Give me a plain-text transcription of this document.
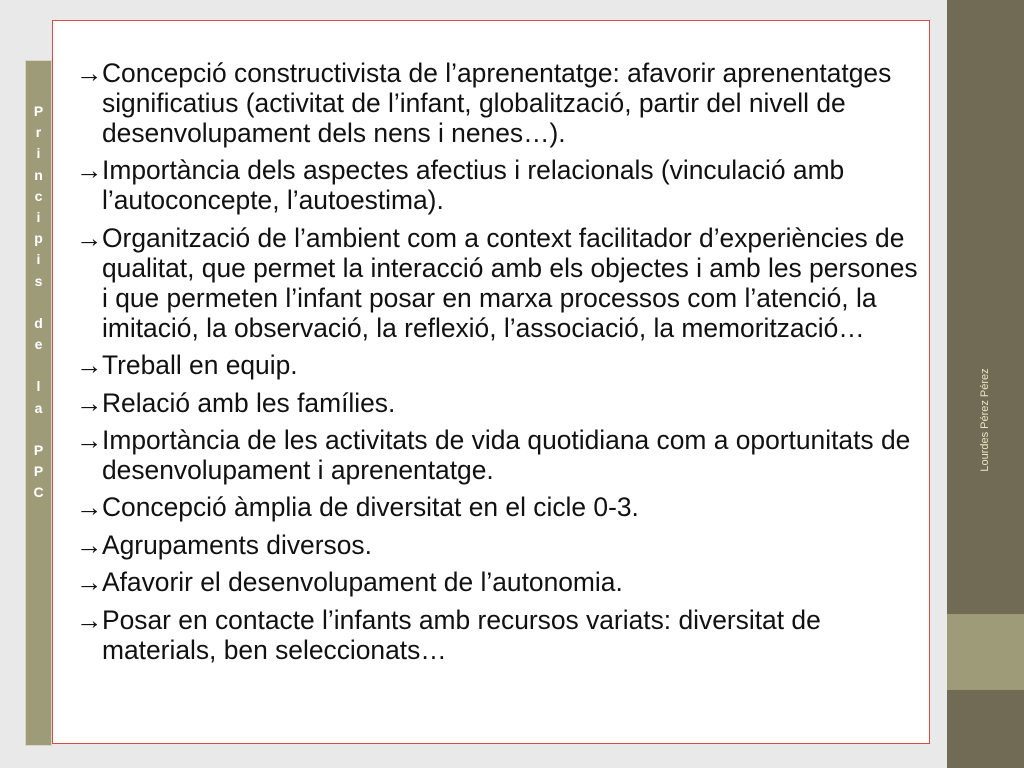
Lourdes Pérez Pérez
P
r
i
n
c
i
p
i
s
d
e
l
a
P
P
C
→ Concepció constructivista de l’aprenentatge: afavorir aprenentatges significatius (activitat de l’infant, globalització, partir del nivell de desenvolupament dels nens i nenes…).
→ Importància dels aspectes afectius i relacionals (vinculació amb l’autoconcepte, l’autoestima).
→ Organització de l’ambient com a context facilitador d’experiències de qualitat, que permet la interacció amb els objectes i amb les persones i que permeten l’infant posar en marxa processos com l’atenció, la imitació, la observació, la reflexió, l’associació, la memorització…
→ Treball en equip.
→ Relació amb les famílies.
→ Importància de les activitats de vida quotidiana com a oportunitats de desenvolupament i aprenentatge.
→ Concepció àmplia de diversitat en el cicle 0-3.
→ Agrupaments diversos.
→ Afavorir el desenvolupament de l’autonomia.
→ Posar en contacte l’infants amb recursos variats: diversitat de materials, ben seleccionats…
